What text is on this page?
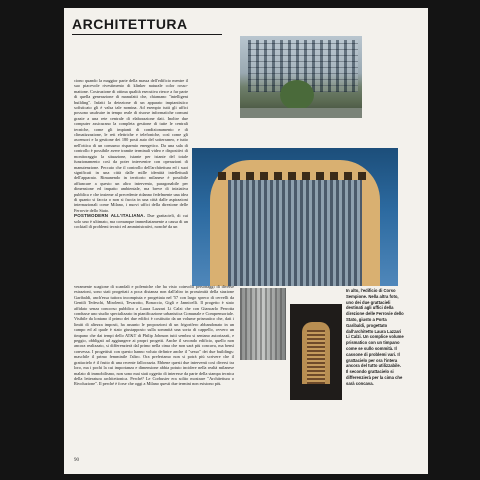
ARCHITETTURA

ciono quando la maggior parte della massa dell'edificio mentre il suo piacevole rivestimento di klinker naturale color rosso-mattone. Costruzione di ottima qualità esecutiva riesce a far parte di quella generazione di manufatti che, chiamano "intelligent building". Infatti la detezione di un apparato impiantistico sofisticato gli è valsa tale nomina. Ad esempio tutti gli uffici possono usufruire in tempo reale di risorse informatiche comuni grazie a una rete centrale di elaborazione dati. Inoltre due computer assicurano la completa gestione di tutte le centrali tecniche, come gli impianti di condizionamento e di climatizzazione, le reti elettriche e telefoniche, così come gli ascensori e la gestione dei 180 posti auto del sotterraneo, e tutto nell'ottica di un consumo risparmio energetico. Da una sala di controllo è possibile avere tramite terminali video e dispositivi di monitoraggio la situazione, istante per istante del totale funzionamento così da poter intervenire con operazioni di manutenzione. Peccato che il controllo dell'architettura ed i suoi significati in una città dalle mille identità intellettuali dell'apparato. Rimanendo in territorio milanese è possibile affiancare a questo un altro intervento, paragonabile per dimensione ed impatto ambientale, ma breve di iniziativa pubblica e che insieme al precedente ridanno fedelmente una idea di quanto si faccia o non si faccia in una città dalle aspirazioni internazionali come Milano, i nuovi uffici della direzione delle Ferrovie dello Stato.

POSTMODERN ALL'ITALIANA. Due grattacieli, di cui solo uno è ultimato, ma comunque immediatamente a causa di un cocktail di problemi tecnici ed amministrativi, nonché da un

veramente scagione di scandali e polemiche che ha visto coinvolti personaggi di diverse estrazioni, sono stati progettati a poca distanza non dall'altro in prossimità della stazione Garibaldi, anch'essa tuttora incompiuta e progettata nel '57 con largo spreco di cervelli da Gentili Tedeschi, Mirolenti, Tevarotto, Bonaccio, Gigli e Jannicelli. Il progetto è stato affidato senza concorso pubblico a Laura Lazzari Li Calzi che con Giancarlo Perrotta condusse uno studio specializzato in pianificazione urbanistica Comunale e Comprensoriale. Visibile da lontano il primo dei due edifici è costituito da un volume prismatico che, dati i limiti di altezza imposti, ha assunto le proporzioni di un frigorifero abbandonato in un campo ed al quale è stato giustapposto sulla sommità una sorta di cappello, ovvero un timpano che dai tempi dello AT&T di Philip Johnson tutti sembra si sentano autorizzati, e peggio, obbligati ad aggiungere ai propri progetti. Anche il secondo edificio, quello non ancora realizzato, si differenzierà dal primo nella cima che non sarà più concava, ma bensì convessa. I progettisti con questo hanno voluto definire anche il "sesso" dei due buildings: maschile il primo femminile l'altro. Ora preferiamo non si potrà più scrivere che il grattacielo è il frutto di una recente fallocrazia. Ebbene questi due interventi così diversi tra loro, ma i pochi la cui importanza e dimensione abbia potuto incidere nella realtà milanese malato di immobilismo, non sono mai stati oggetto di interesse da parte della stampa tecnica della letteratura architettonica. Perché? Le Corbusier era solito mostrare "Architettura o Rivoluzione". Il perché è forse che oggi a Milano questi due termini non esistono più.

In alto, l'edificio di Corso Sempione. Nella altra foto, uno dei due grattacieli destinati agli uffici della direzione delle Ferrovie dello Stato, giusto a Porta Garibaldi, progettato dall'architetto Laura Lazzari Li Calzi. Un complice volume prismatico con un timpano come se sullo sommità. Il cassone di problemi vari. Il grattacielo per ora l'intera ancora del tutto utilizzabile. Il secondo grattacielo si differenzierà per la cima che sarà concava.

90
